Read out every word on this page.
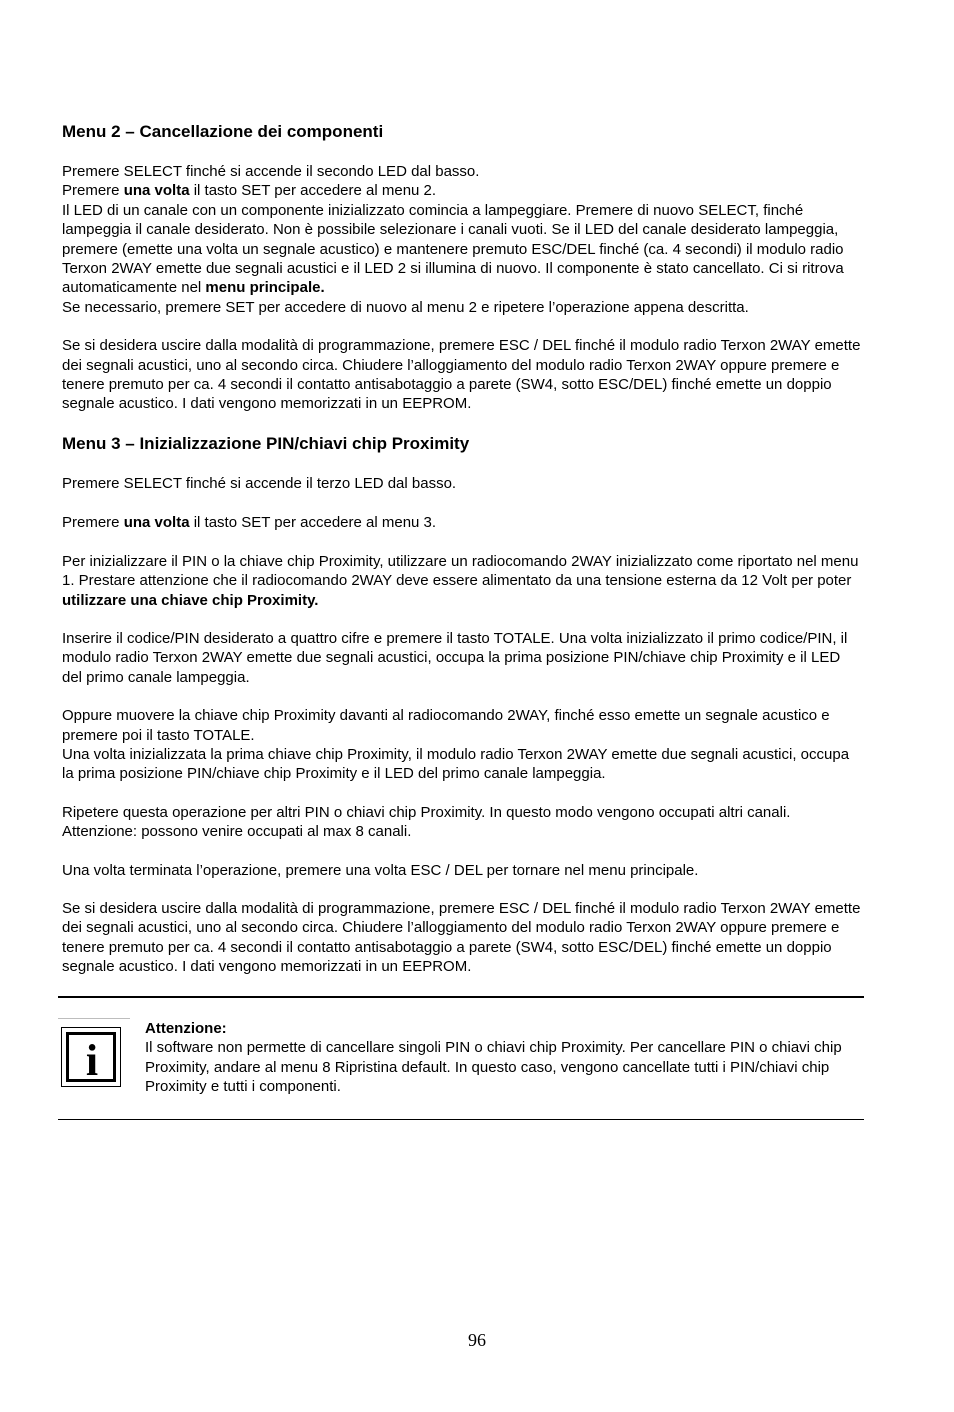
Menu 2 – Cancellazione dei componenti

Premere SELECT finché si accende il secondo LED dal basso.

Premere una volta il tasto SET per accedere al menu 2.

Il LED di un canale con un componente inizializzato comincia a lampeggiare. Premere di nuovo SELECT, finché lampeggia il canale desiderato. Non è possibile selezionare i canali vuoti. Se il LED del canale desiderato lampeggia, premere (emette una volta un segnale acustico) e mantenere premuto ESC/DEL finché (ca. 4 secondi) il modulo radio Terxon 2WAY emette due segnali acustici e il LED 2 si illumina di nuovo. Il componente è stato cancellato. Ci si ritrova automaticamente nel menu principale.

Se necessario, premere SET per accedere di nuovo al menu 2 e ripetere l’operazione appena descritta.

Se si desidera uscire dalla modalità di programmazione, premere ESC / DEL finché il modulo radio Terxon 2WAY emette dei segnali acustici, uno al secondo circa. Chiudere l’alloggiamento del modulo radio Terxon 2WAY oppure premere e tenere premuto per ca. 4 secondi il contatto antisabotaggio a parete (SW4, sotto ESC/DEL) finché emette un doppio segnale acustico. I dati vengono memorizzati in un EEPROM.

Menu 3 – Inizializzazione PIN/chiavi chip Proximity

Premere SELECT finché si accende il terzo LED dal basso.

Premere una volta il tasto SET per accedere al menu 3.

Per inizializzare il PIN o la chiave chip Proximity, utilizzare un radiocomando 2WAY inizializzato come riportato nel menu 1. Prestare attenzione che il radiocomando 2WAY deve essere alimentato da una tensione esterna da 12 Volt per poter utilizzare una chiave chip Proximity.

Inserire il codice/PIN desiderato a quattro cifre e premere il tasto TOTALE. Una volta inizializzato il primo codice/PIN, il modulo radio Terxon 2WAY emette due segnali acustici, occupa la prima posizione PIN/chiave chip Proximity e il LED del primo canale lampeggia.

Oppure muovere la chiave chip Proximity davanti al radiocomando 2WAY, finché esso emette un segnale acustico e premere poi il tasto TOTALE.

Una volta inizializzata la prima chiave chip Proximity, il modulo radio Terxon 2WAY emette due segnali acustici, occupa la prima posizione PIN/chiave chip Proximity e il LED del primo canale lampeggia.

Ripetere questa operazione per altri PIN o chiavi chip Proximity. In questo modo vengono occupati altri canali. Attenzione: possono venire occupati al max 8 canali.

Una volta terminata l’operazione, premere una volta ESC / DEL per tornare nel menu principale.

Se si desidera uscire dalla modalità di programmazione, premere ESC / DEL finché il modulo radio Terxon 2WAY emette dei segnali acustici, uno al secondo circa. Chiudere l’alloggiamento del modulo radio Terxon 2WAY oppure premere e tenere premuto per ca. 4 secondi il contatto antisabotaggio a parete (SW4, sotto ESC/DEL) finché emette un doppio segnale acustico. I dati vengono memorizzati in un EEPROM.

i

Attenzione:

Il software non permette di cancellare singoli PIN o chiavi chip Proximity. Per cancellare PIN o chiavi chip Proximity, andare al menu 8 Ripristina default. In questo caso, vengono cancellate tutti i PIN/chiavi chip Proximity e tutti i componenti.

96
